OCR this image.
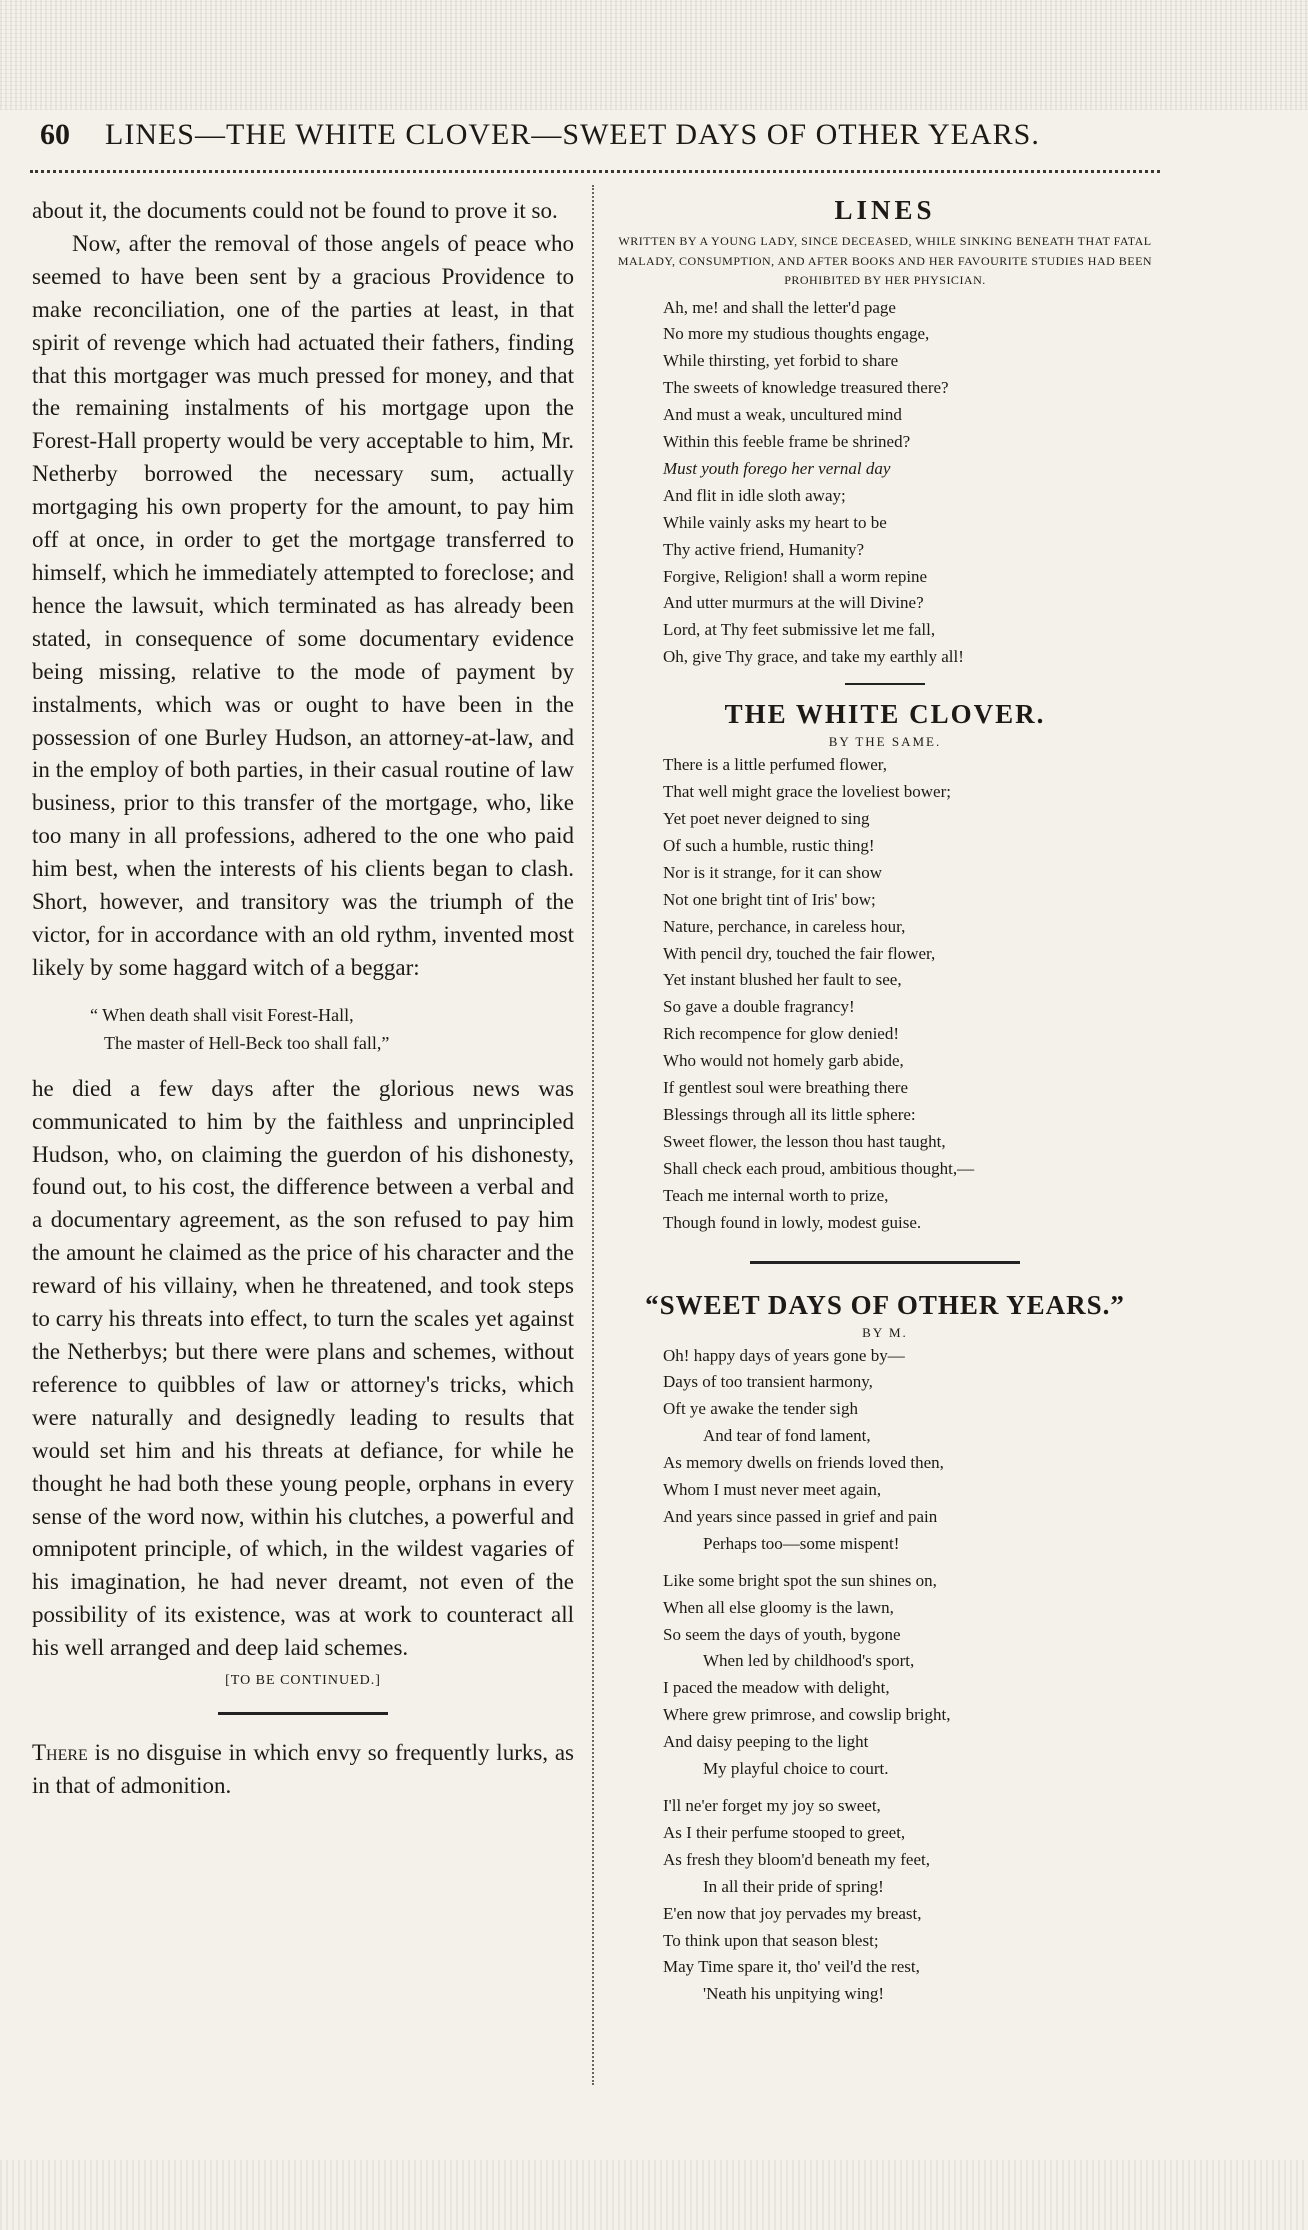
60 LINES—THE WHITE CLOVER—SWEET DAYS OF OTHER YEARS.

about it, the documents could not be found to prove it so.

Now, after the removal of those angels of peace who seemed to have been sent by a gracious Providence to make reconciliation, one of the parties at least, in that spirit of revenge which had actuated their fathers, finding that this mortgager was much pressed for money, and that the remaining instalments of his mortgage upon the Forest-Hall property would be very acceptable to him, Mr. Netherby borrowed the necessary sum, actually mortgaging his own property for the amount, to pay him off at once, in order to get the mortgage transferred to himself, which he immediately attempted to foreclose; and hence the lawsuit, which terminated as has already been stated, in consequence of some documentary evidence being missing, relative to the mode of payment by instalments, which was or ought to have been in the possession of one Burley Hudson, an attorney-at-law, and in the employ of both parties, in their casual routine of law business, prior to this transfer of the mortgage, who, like too many in all professions, adhered to the one who paid him best, when the interests of his clients began to clash. Short, however, and transitory was the triumph of the victor, for in accordance with an old rythm, invented most likely by some haggard witch of a beggar:

“ When death shall visit Forest-Hall,
The master of Hell-Beck too shall fall,”

he died a few days after the glorious news was communicated to him by the faithless and unprincipled Hudson, who, on claiming the guerdon of his dishonesty, found out, to his cost, the difference between a verbal and a documentary agreement, as the son refused to pay him the amount he claimed as the price of his character and the reward of his villainy, when he threatened, and took steps to carry his threats into effect, to turn the scales yet against the Netherbys; but there were plans and schemes, without reference to quibbles of law or attorney's tricks, which were naturally and designedly leading to results that would set him and his threats at defiance, for while he thought he had both these young people, orphans in every sense of the word now, within his clutches, a powerful and omnipotent principle, of which, in the wildest vagaries of his imagination, he had never dreamt, not even of the possibility of its existence, was at work to counteract all his well arranged and deep laid schemes.

[TO BE CONTINUED.]

There is no disguise in which envy so frequently lurks, as in that of admonition.

LINES
WRITTEN BY A YOUNG LADY, SINCE DECEASED, WHILE SINKING BENEATH THAT FATAL MALADY, CONSUMPTION, AND AFTER BOOKS AND HER FAVOURITE STUDIES HAD BEEN PROHIBITED BY HER PHYSICIAN.
Ah, me! and shall the letter'd page
No more my studious thoughts engage,
While thirsting, yet forbid to share
The sweets of knowledge treasured there?
And must a weak, uncultured mind
Within this feeble frame be shrined?
Must youth forego her vernal day
And flit in idle sloth away;
While vainly asks my heart to be
Thy active friend, Humanity?
Forgive, Religion! shall a worm repine
And utter murmurs at the will Divine?
Lord, at Thy feet submissive let me fall,
Oh, give Thy grace, and take my earthly all!
THE WHITE CLOVER.
BY THE SAME.
There is a little perfumed flower,
That well might grace the loveliest bower;
Yet poet never deigned to sing
Of such a humble, rustic thing!
Nor is it strange, for it can show
Not one bright tint of Iris' bow;
Nature, perchance, in careless hour,
With pencil dry, touched the fair flower,
Yet instant blushed her fault to see,
So gave a double fragrancy!
Rich recompence for glow denied!
Who would not homely garb abide,
If gentlest soul were breathing there
Blessings through all its little sphere:
Sweet flower, the lesson thou hast taught,
Shall check each proud, ambitious thought,—
Teach me internal worth to prize,
Though found in lowly, modest guise.
“SWEET DAYS OF OTHER YEARS.”
BY M.
Oh! happy days of years gone by—
Days of too transient harmony,
Oft ye awake the tender sigh
And tear of fond lament,
As memory dwells on friends loved then,
Whom I must never meet again,
And years since passed in grief and pain
Perhaps too—some mispent!
Like some bright spot the sun shines on,
When all else gloomy is the lawn,
So seem the days of youth, bygone
When led by childhood's sport,
I paced the meadow with delight,
Where grew primrose, and cowslip bright,
And daisy peeping to the light
My playful choice to court.
I'll ne'er forget my joy so sweet,
As I their perfume stooped to greet,
As fresh they bloom'd beneath my feet,
In all their pride of spring!
E'en now that joy pervades my breast,
To think upon that season blest;
May Time spare it, tho' veil'd the rest,
'Neath his unpitying wing!
